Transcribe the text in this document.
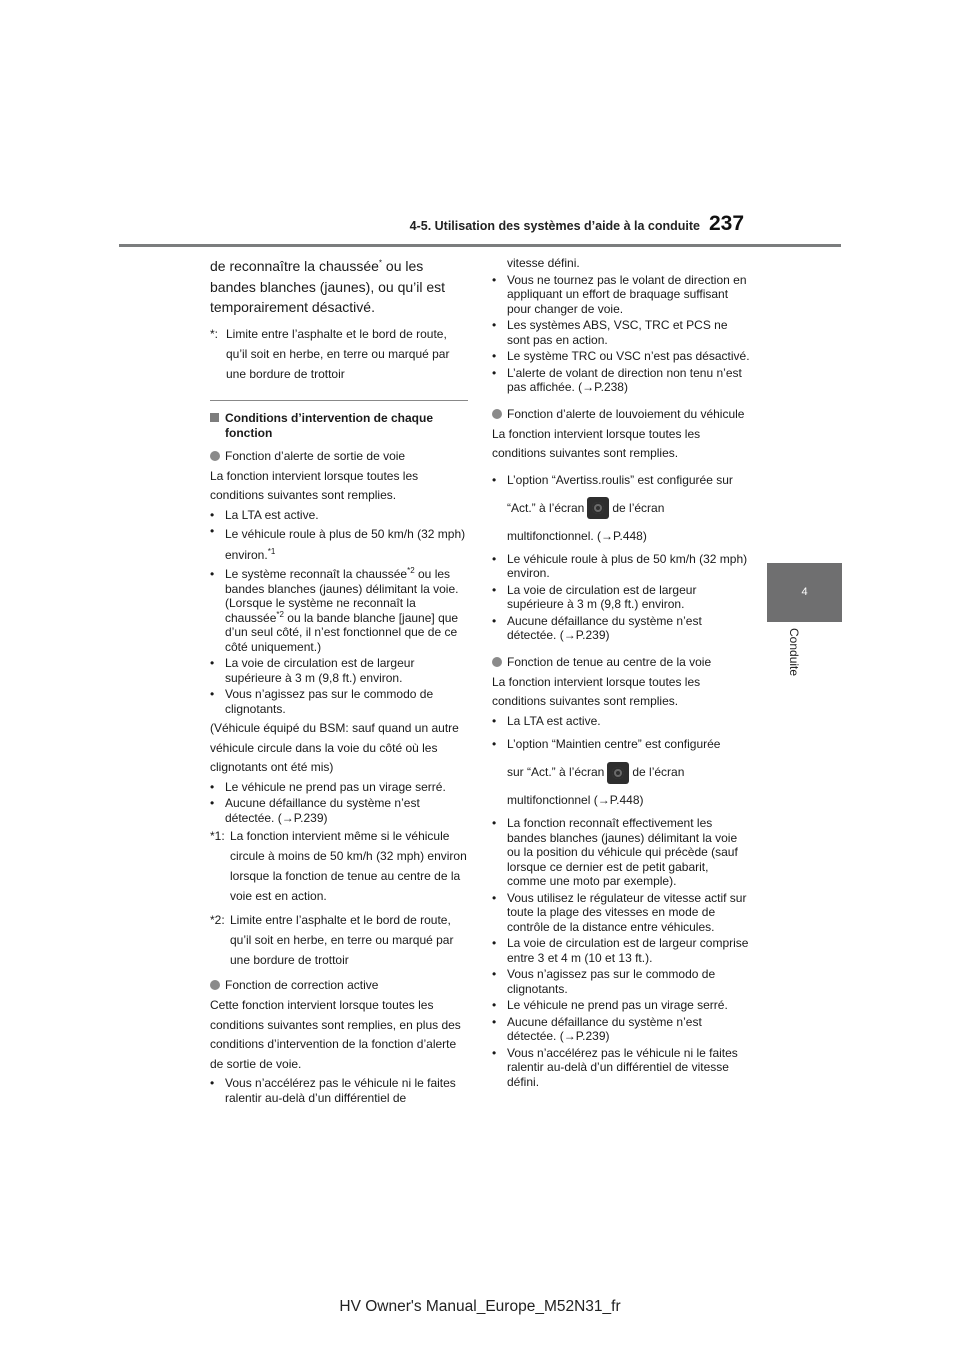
4-5. Utilisation des systèmes d’aide à la conduite 237
4
Conduite

de reconnaître la chaussée* ou les bandes blanches (jaunes), ou qu’il est temporairement désactivé.

*: Limite entre l’asphalte et le bord de route, qu’il soit en herbe, en terre ou marqué par une bordure de trottoir
Conditions d’intervention de chaque fonction
Fonction d’alerte de sortie de voie

La fonction intervient lorsque toutes les conditions suivantes sont remplies.

• La LTA est active.
• Le véhicule roule à plus de 50 km/h (32 mph) environ.$^{*1}$
• Le système reconnaît la chaussée$^{*2}$ ou les bandes blanches (jaunes) délimitant la voie. (Lorsque le système ne reconnaît la chaussée$^{*2}$ ou la bande blanche [jaune] que d’un seul côté, il n’est fonctionnel que de ce côté uniquement.)
• La voie de circulation est de largeur supérieure à 3 m (9,8 ft.) environ.
• Vous n’agissez pas sur le commodo de clignotants.

(Véhicule équipé du BSM: sauf quand un autre véhicule circule dans la voie du côté où les clignotants ont été mis)

• Le véhicule ne prend pas un virage serré.
• Aucune défaillance du système n’est détectée. (→P.239)
*1: La fonction intervient même si le véhicule circule à moins de 50 km/h (32 mph) environ lorsque la fonction de tenue au centre de la voie est en action.
*2: Limite entre l’asphalte et le bord de route, qu’il soit en herbe, en terre ou marqué par une bordure de trottoir
Fonction de correction active

Cette fonction intervient lorsque toutes les conditions suivantes sont remplies, en plus des conditions d’intervention de la fonction d’alerte de sortie de voie.

• Vous n’accélérez pas le véhicule ni le faites ralentir au-delà d’un différentiel de

vitesse défini.

• Vous ne tournez pas le volant de direction en appliquant un effort de braquage suffisant pour changer de voie.
• Les systèmes ABS, VSC, TRC et PCS ne sont pas en action.
• Le système TRC ou VSC n’est pas désactivé.
• L’alerte de volant de direction non tenu n’est pas affichée. (→P.238)
Fonction d’alerte de louvoiement du véhicule

La fonction intervient lorsque toutes les conditions suivantes sont remplies.

• L’option “Avertiss.roulis” est configurée sur
“Act.” à l’écran de l’écran multifonctionnel. (→P.448)
• Le véhicule roule à plus de 50 km/h (32 mph) environ.
• La voie de circulation est de largeur supérieure à 3 m (9,8 ft.) environ.
• Aucune défaillance du système n’est détectée. (→P.239)
Fonction de tenue au centre de la voie

La fonction intervient lorsque toutes les conditions suivantes sont remplies.

• La LTA est active.
• L’option “Maintien centre” est configurée
sur “Act.” à l’écran de l’écran multifonctionnel (→P.448)
• La fonction reconnaît effectivement les bandes blanches (jaunes) délimitant la voie ou la position du véhicule qui précède (sauf lorsque ce dernier est de petit gabarit, comme une moto par exemple).
• Vous utilisez le régulateur de vitesse actif sur toute la plage des vitesses en mode de contrôle de la distance entre véhicules.
• La voie de circulation est de largeur comprise entre 3 et 4 m (10 et 13 ft.).
• Vous n’agissez pas sur le commodo de clignotants.
• Le véhicule ne prend pas un virage serré.
• Aucune défaillance du système n’est détectée. (→P.239)
• Vous n’accélérez pas le véhicule ni le faites ralentir au-delà d’un différentiel de vitesse défini.
HV Owner's Manual_Europe_M52N31_fr
